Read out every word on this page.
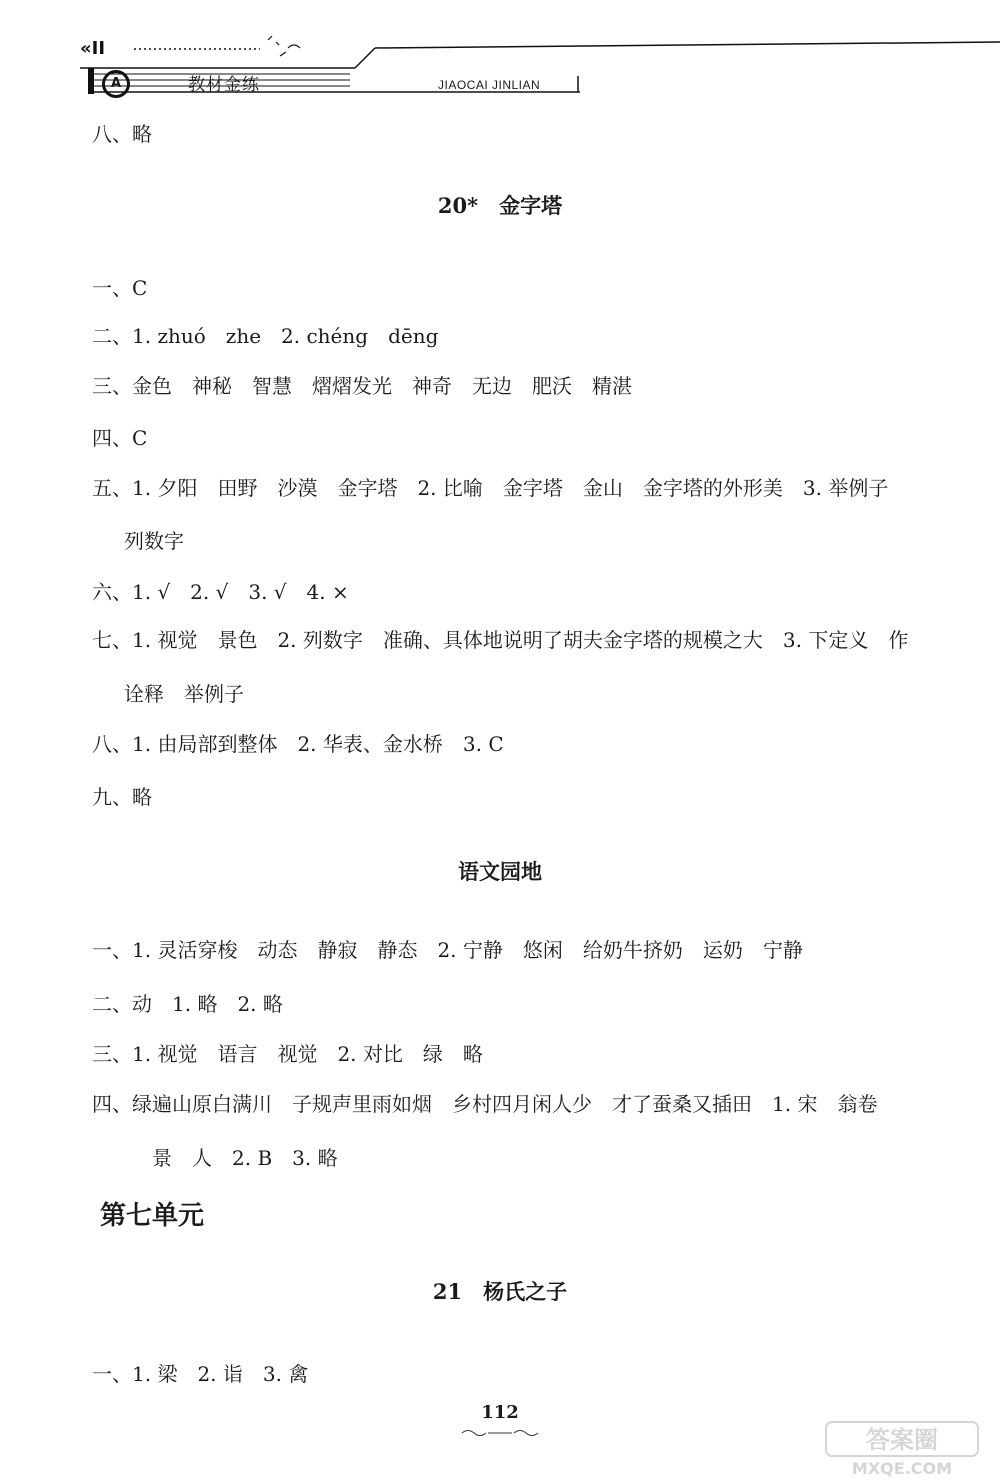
«II
A	教材金练	JIAOCAI JINLIAN
八、略
20*　金字塔
一、C
二、1. zhuó　zhe　2. chéng　dēng
三、金色　神秘　智慧　熠熠发光　神奇　无边　肥沃　精湛
四、C
五、1. 夕阳　田野　沙漠　金字塔　2. 比喻　金字塔　金山　金字塔的外形美　3. 举例子
列数字
六、1. √　2. √　3. √　4. ×
七、1. 视觉　景色　2. 列数字　准确、具体地说明了胡夫金字塔的规模之大　3. 下定义　作
诠释　举例子
八、1. 由局部到整体　2. 华表、金水桥　3. C
九、略
语文园地
一、1. 灵活穿梭　动态　静寂　静态　2. 宁静　悠闲　给奶牛挤奶　运奶　宁静
二、动　1. 略　2. 略
三、1. 视觉　语言　视觉　2. 对比　绿　略
四、绿遍山原白满川　子规声里雨如烟　乡村四月闲人少　才了蚕桑又插田　1. 宋　翁卷
景　人　2. B　3. 略
第七单元
21　杨氏之子
一、1. 梁　2. 诣　3. 禽
112
答案圈
MXQE.COM
